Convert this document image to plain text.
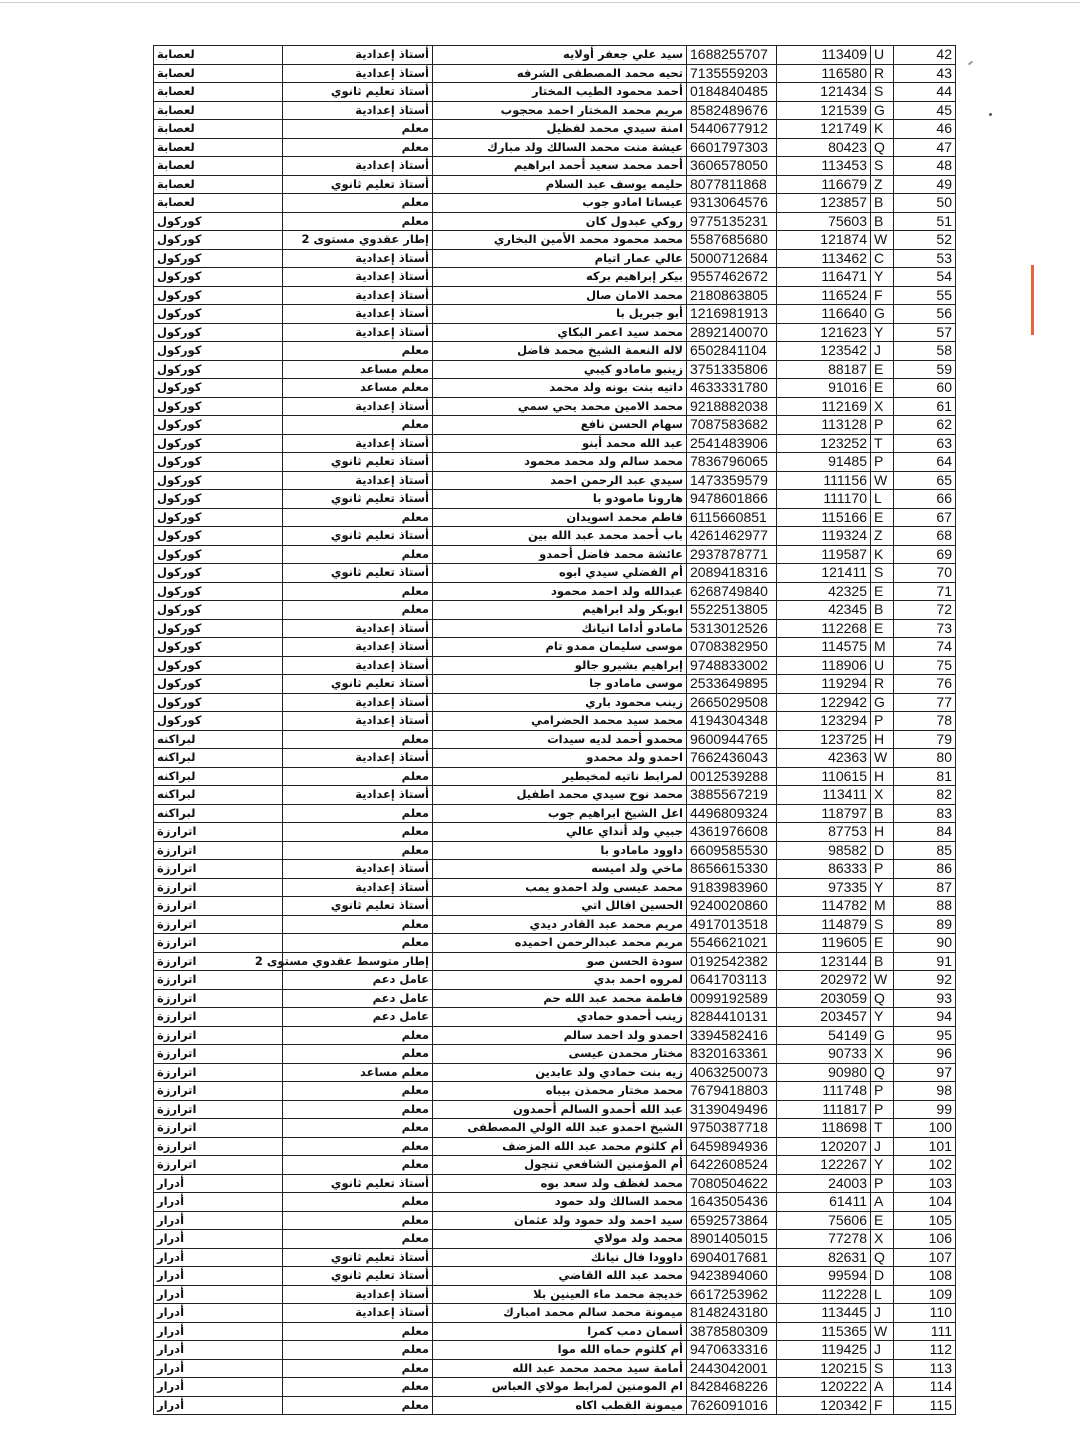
لعصابة	أستاذ إعدادية	سيد علي جعفر أولايه	1688255707	113409	U	42
لعصابة	أستاذ إعدادية	تحيه محمد المصطفى الشرفه	7135559203	116580	R	43
لعصابة	أستاذ تعليم ثانوي	أحمد محمود الطيب المختار	0184840485	121434	S	44
لعصابة	أستاذ إعدادية	مريم محمد المختار احمد محجوب	8582489676	121539	G	45
لعصابة	معلم	امنة سيدي محمد لفظيل	5440677912	121749	K	46
لعصابة	معلم	عيشة منت محمد السالك ولد مبارك	6601797303	80423	Q	47
لعصابة	أستاذ إعدادية	أحمد محمد سعيد أحمد ابراهيم	3606578050	113453	S	48
لعصابة	أستاذ تعليم ثانوي	حليمه يوسف عبد السلام	8077811868	116679	Z	49
لعصابة	معلم	عيساتا امادو جوب	9313064576	123857	B	50
كوركول	معلم	روكي عبدول كان	9775135231	75603	B	51
كوركول	إطار عقدوي مستوى 2	محمد محمود محمد الأمين البخاري	5587685680	121874	W	52
كوركول	أستاذ إعدادية	عالي عمار اتيام	5000712684	113462	C	53
كوركول	أستاذ إعدادية	بيكر إبراهيم بركه	9557462672	116471	Y	54
كوركول	أستاذ إعدادية	محمد الامان صال	2180863805	116524	F	55
كوركول	أستاذ إعدادية	أبو جبريل با	1216981913	116640	G	56
كوركول	أستاذ إعدادية	محمد سيد اعمر البكاي	2892140070	121623	Y	57
كوركول	معلم	لاله النعمة الشيخ محمد فاضل	6502841104	123542	J	58
كوركول	معلم مساعد	زينبو مامادو كيبي	3751335806	88187	E	59
كوركول	معلم مساعد	داتيه بنت بونه ولد محمد	4633331780	91016	E	60
كوركول	أستاذ إعدادية	محمد الامين محمد يحي سمي	9218882038	112169	X	61
كوركول	معلم	سهام الحسن نافع	7087583682	113128	P	62
كوركول	أستاذ إعدادية	عبد الله محمد أبنو	2541483906	123252	T	63
كوركول	أستاذ تعليم ثانوي	محمد سالم ولد محمد محمود	7836796065	91485	P	64
كوركول	أستاذ إعدادية	سيدي عبد الرحمن احمد	1473359579	111156	W	65
كوركول	أستاذ تعليم ثانوي	هارونا مامودو با	9478601866	111170	L	66
كوركول	معلم	فاطم محمد اسويدان	6115660851	115166	E	67
كوركول	أستاذ تعليم ثانوي	باب أحمد محمد عبد الله بين	4261462977	119324	Z	68
كوركول	معلم	عائشة محمد فاضل أحمدو	2937878771	119587	K	69
كوركول	أستاذ تعليم ثانوي	أم الفضلي سيدي ابوه	2089418316	121411	S	70
كوركول	معلم	عبدالله ولد احمد محمود	6268749840	42325	E	71
كوركول	معلم	ابوبكر ولد ابراهيم	5522513805	42345	B	72
كوركول	أستاذ إعدادية	مامادو أداما انيانك	5313012526	112268	E	73
كوركول	أستاذ إعدادية	موسى سليمان ممدو تام	0708382950	114575	M	74
كوركول	أستاذ إعدادية	إبراهيم بشيرو جالو	9748833002	118906	U	75
كوركول	أستاذ تعليم ثانوي	موسى مامادو جا	2533649895	119294	R	76
كوركول	أستاذ إعدادية	زينب محمود باري	2665029508	122942	G	77
كوركول	أستاذ إعدادية	محمد سيد محمد الحضرامي	4194304348	123294	P	78
لبراكنه	معلم	محمدو أحمد لديه سيدات	9600944765	123725	H	79
لبراكنه	أستاذ إعدادية	احمدو ولد محمدو	7662436043	42363	W	80
لبراكنه	معلم	لمرابط ناتيه لمخيطير	0012539288	110615	H	81
لبراكنه	أستاذ إعدادية	محمد نوح سيدي محمد اطفيل	3885567219	113411	X	82
لبراكنه	معلم	اعل الشيخ ابراهيم جوب	4496809324	118797	B	83
اترارزة	معلم	جبيي ولد أنداي عالي	4361976608	87753	H	84
اترارزة	معلم	داوود مامادو با	6609585530	98582	D	85
اترارزة	أستاذ إعدادية	ماخي ولد اميسه	8656615330	86333	P	86
اترارزة	أستاذ إعدادية	محمد عيسى ولد احمدو يمب	9183983960	97335	Y	87
اترارزة	أستاذ تعليم ثانوي	الحسين افالل اتي	9240020860	114782	M	88
اترارزة	معلم	مريم محمد عبد القادر ديدي	4917013518	114879	S	89
اترارزة	معلم	مريم محمد عبدالرحمن احميده	5546621021	119605	E	90
اترارزة	إطار متوسط عقدوي مستوى 2	سودة الحسن صو	0192542382	123144	B	91
اترارزة	عامل دعم	لمروه احمد بدي	0641703113	202972	W	92
اترارزة	عامل دعم	فاطمة محمد عبد الله حم	0099192589	203059	Q	93
اترارزة	عامل دعم	زينب أحمدو حمادي	8284410131	203457	Y	94
اترارزة	معلم	احمدو ولد احمد سالم	3394582416	54149	G	95
اترارزة	معلم	مختار محمدن عيسى	8320163361	90733	X	96
اترارزة	معلم مساعد	زيه بنت حمادي ولد عابدين	4063250073	90980	Q	97
اترارزة	معلم	محمد مختار محمذن بيباه	7679418803	111748	P	98
اترارزة	معلم	عبد الله أحمدو السالم أحمدون	3139049496	111817	P	99
اترارزة	معلم	الشيخ احمدو عبد الله الولي المصطفى	9750387718	118698	T	100
اترارزة	معلم	أم كلثوم محمد عبد الله المزضف	6459894936	120207	J	101
اترارزة	معلم	أم المؤمنين الشافعي تنجول	6422608524	122267	Y	102
أدرار	أستاذ تعليم ثانوي	محمد لغظف ولد سعد بوه	7080504622	24003	P	103
أدرار	معلم	محمد السالك ولد حمود	1643505436	61411	A	104
أدرار	معلم	سيد احمد ولد حمود ولد عثمان	6592573864	75606	E	105
أدرار	معلم	محمد ولد مولاي	8901405015	77278	X	106
أدرار	أستاذ تعليم ثانوي	داوودا فال نيانك	6904017681	82631	Q	107
أدرار	أستاذ تعليم ثانوي	محمد عبد الله القاضي	9423894060	99594	D	108
أدرار	أستاذ إعدادية	خديجة محمد ماء العينين بلا	6617253962	112228	L	109
أدرار	أستاذ إعدادية	ميمونة محمد سالم محمد امبارك	8148243180	113445	J	110
أدرار	معلم	أسمان دمب كمرا	3878580309	115365	W	111
أدرار	معلم	أم كلثوم حماه الله موا	9470633316	119425	J	112
أدرار	معلم	أمامة سيد محمد محمد عبد الله	2443042001	120215	S	113
أدرار	معلم	ام المومنين لمرابط مولاي العباس	8428468226	120222	A	114
أدرار	معلم	ميمونة القطب اكاه	7626091016	120342	F	115
